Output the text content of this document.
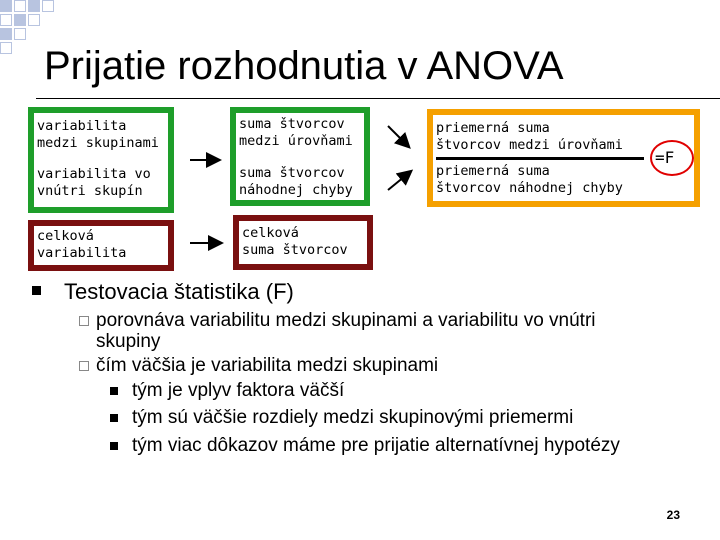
Prijatie rozhodnutia v ANOVA
variabilita
medzi skupinami
variabilita vo
vnútri skupín
celková
variabilita
suma štvorcov
medzi úrovňami
suma štvorcov
náhodnej chyby
celková
suma štvorcov
priemerná suma
štvorcov medzi úrovňami
priemerná suma
štvorcov náhodnej chyby
=F
Testovacia štatistika (F)
porovnáva variabilitu medzi skupinami a variabilitu vo vnútri
skupiny
čím väčšia je variabilita medzi skupinami
tým je vplyv faktora väčší
tým sú väčšie rozdiely medzi skupinovými priemermi
tým viac dôkazov máme pre prijatie alternatívnej hypotézy
23
